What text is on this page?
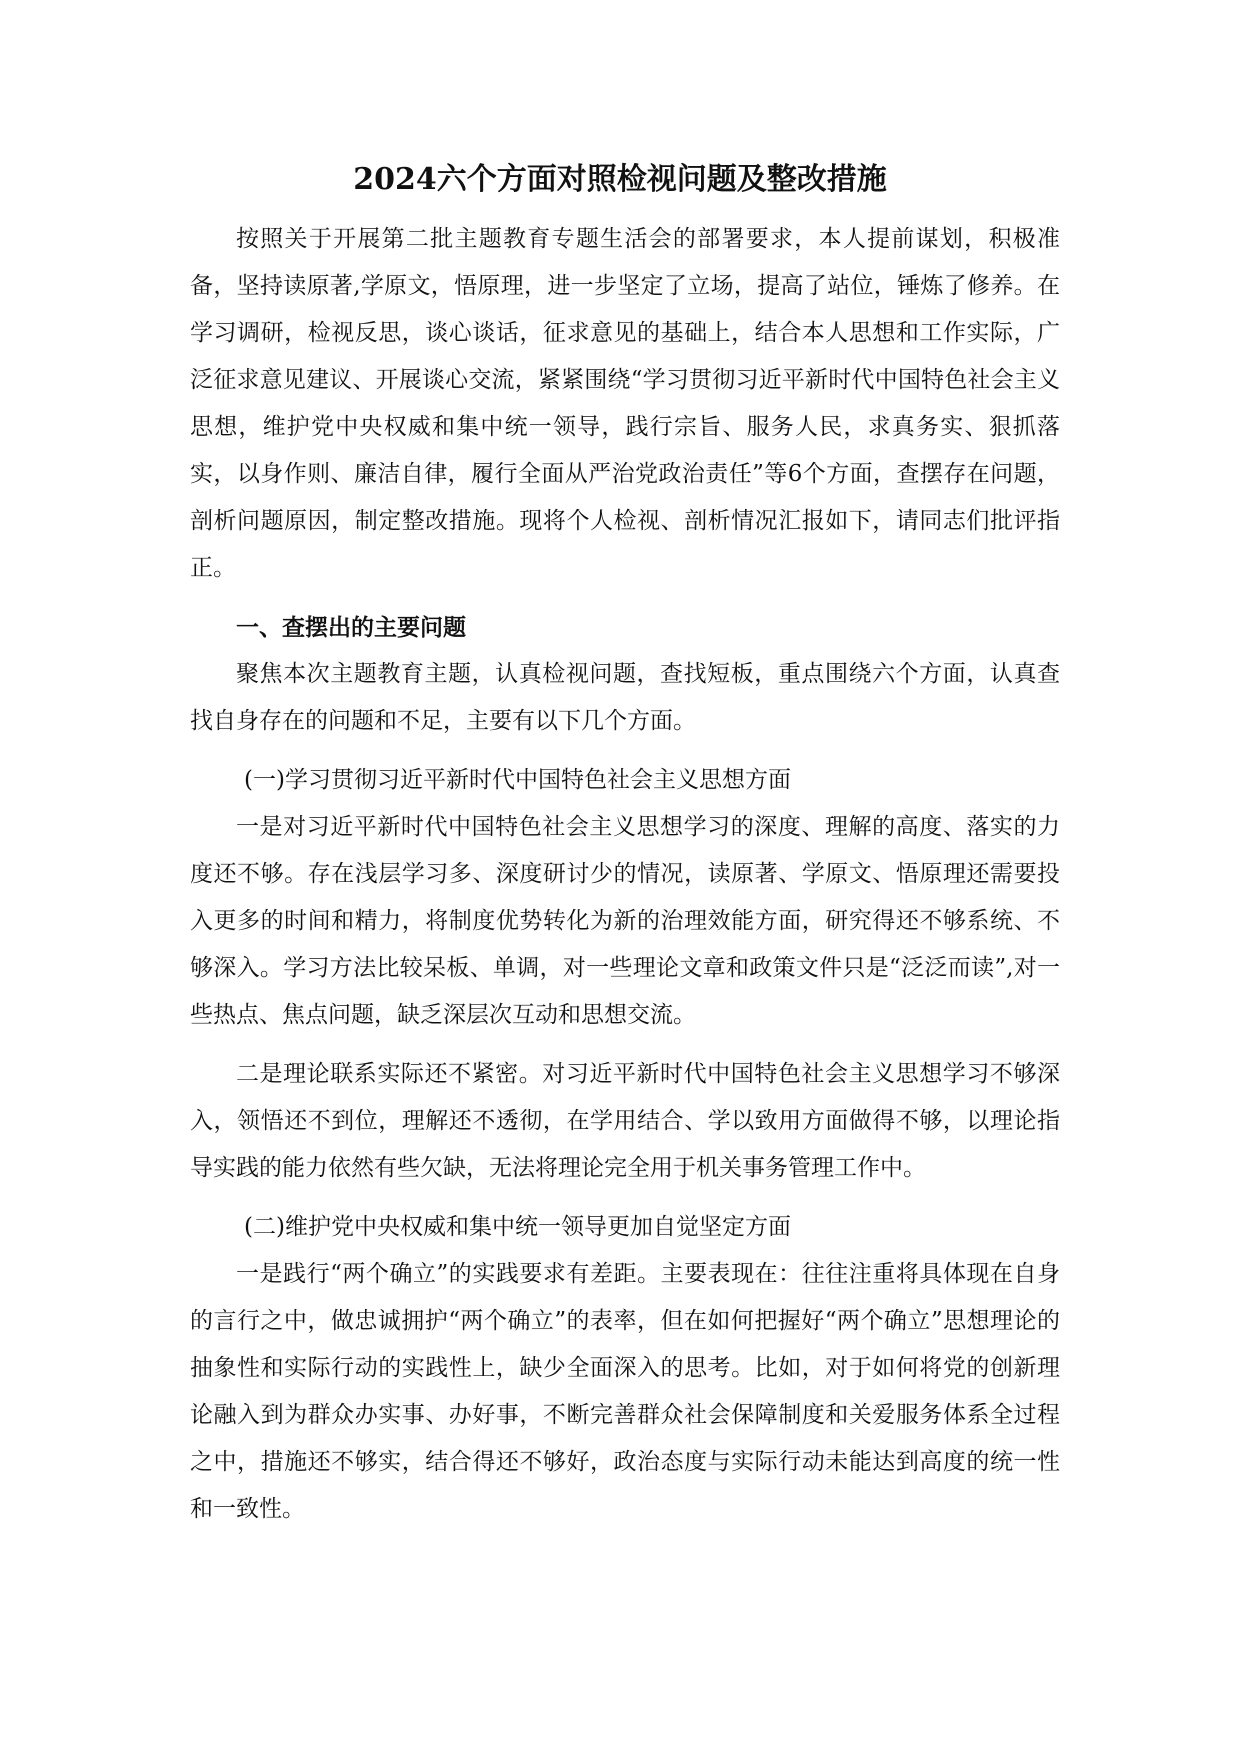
2024六个方面对照检视问题及整改措施

按照关于开展第二批主题教育专题生活会的部署要求，本人提前谋划，积极准备，坚持读原著,学原文，悟原理，进一步坚定了立场，提高了站位，锤炼了修养。在学习调研，检视反思，谈心谈话，征求意见的基础上，结合本人思想和工作实际，广泛征求意见建议、开展谈心交流，紧紧围绕“学习贯彻习近平新时代中国特色社会主义思想，维护党中央权威和集中统一领导，践行宗旨、服务人民，求真务实、狠抓落实，以身作则、廉洁自律，履行全面从严治党政治责任”等6个方面，查摆存在问题，剖析问题原因，制定整改措施。现将个人检视、剖析情况汇报如下，请同志们批评指正。

一、查摆出的主要问题

聚焦本次主题教育主题，认真检视问题，查找短板，重点围绕六个方面，认真查找自身存在的问题和不足，主要有以下几个方面。

(一)学习贯彻习近平新时代中国特色社会主义思想方面

一是对习近平新时代中国特色社会主义思想学习的深度、理解的高度、落实的力度还不够。存在浅层学习多、深度研讨少的情况，读原著、学原文、悟原理还需要投入更多的时间和精力，将制度优势转化为新的治理效能方面，研究得还不够系统、不够深入。学习方法比较呆板、单调，对一些理论文章和政策文件只是“泛泛而读”,对一些热点、焦点问题，缺乏深层次互动和思想交流。

二是理论联系实际还不紧密。对习近平新时代中国特色社会主义思想学习不够深入，领悟还不到位，理解还不透彻，在学用结合、学以致用方面做得不够，以理论指导实践的能力依然有些欠缺，无法将理论完全用于机关事务管理工作中。

(二)维护党中央权威和集中统一领导更加自觉坚定方面

一是践行“两个确立”的实践要求有差距。主要表现在：往往注重将具体现在自身的言行之中，做忠诚拥护“两个确立”的表率，但在如何把握好“两个确立”思想理论的抽象性和实际行动的实践性上，缺少全面深入的思考。比如，对于如何将党的创新理论融入到为群众办实事、办好事，不断完善群众社会保障制度和关爱服务体系全过程之中，措施还不够实，结合得还不够好，政治态度与实际行动未能达到高度的统一性和一致性。
